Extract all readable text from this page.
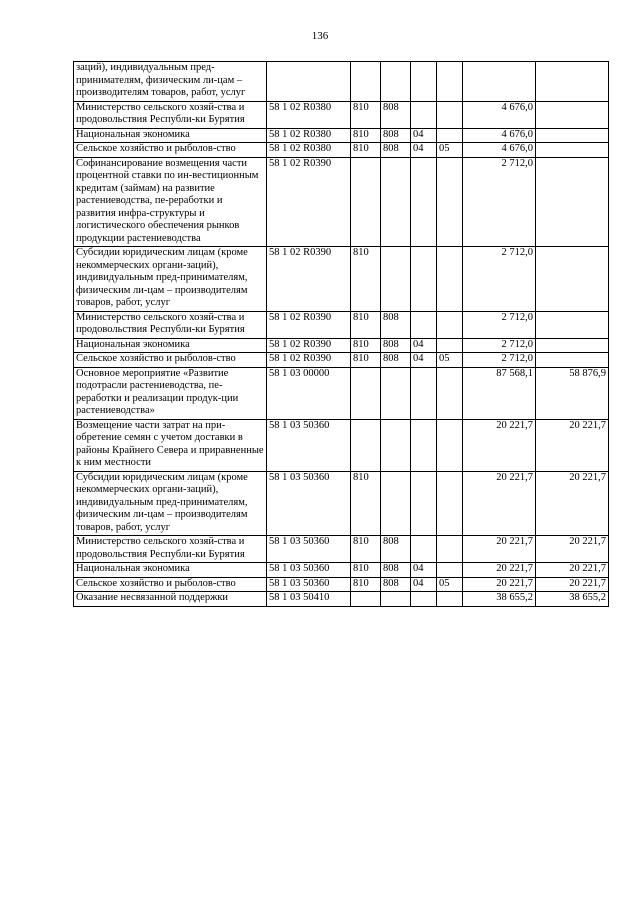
136
заций), индивидуальным пред-принимателям, физическим ли-цам – производителям товаров, работ, услуг							
Министерство сельского хозяй-ства и продовольствия Республи-ки Бурятия	58 1 02 R0380	810	808			4 676,0	
Национальная экономика	58 1 02 R0380	810	808	04		4 676,0	
Сельское хозяйство и рыболов-ство	58 1 02 R0380	810	808	04	05	4 676,0	
Софинансирование возмещения части процентной ставки по ин-вестиционным кредитам (займам) на развитие растениеводства, пе-реработки и развития инфра-структуры и логистического обеспечения рынков продукции растениеводства	58 1 02 R0390					2 712,0	
Субсидии юридическим лицам (кроме некоммерческих органи-заций), индивидуальным пред-принимателям, физическим ли-цам – производителям товаров, работ, услуг	58 1 02 R0390	810				2 712,0	
Министерство сельского хозяй-ства и продовольствия Республи-ки Бурятия	58 1 02 R0390	810	808			2 712,0	
Национальная экономика	58 1 02 R0390	810	808	04		2 712,0	
Сельское хозяйство и рыболов-ство	58 1 02 R0390	810	808	04	05	2 712,0	
Основное мероприятие «Развитие подотрасли растениеводства, пе-реработки и реализации продук-ции растениеводства»	58 1 03 00000					87 568,1	58 876,9
Возмещение части затрат на при-обретение семян с учетом доставки в районы Крайнего Севера и приравненные к ним местности	58 1 03 50360					20 221,7	20 221,7
Субсидии юридическим лицам (кроме некоммерческих органи-заций), индивидуальным пред-принимателям, физическим ли-цам – производителям товаров, работ, услуг	58 1 03 50360	810				20 221,7	20 221,7
Министерство сельского хозяй-ства и продовольствия Республи-ки Бурятия	58 1 03 50360	810	808			20 221,7	20 221,7
Национальная экономика	58 1 03 50360	810	808	04		20 221,7	20 221,7
Сельское хозяйство и рыболов-ство	58 1 03 50360	810	808	04	05	20 221,7	20 221,7
Оказание несвязанной поддержки	58 1 03 50410					38 655,2	38 655,2
